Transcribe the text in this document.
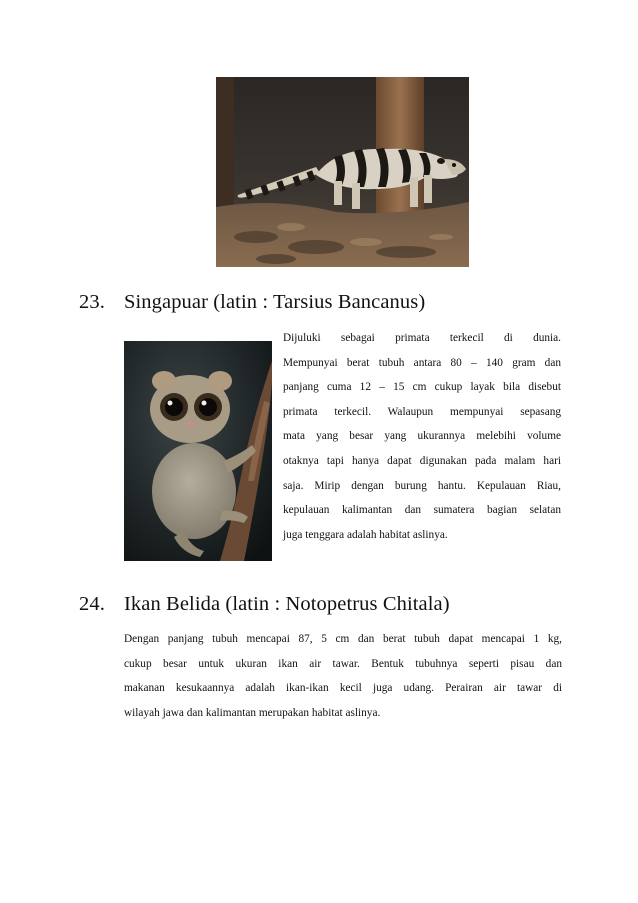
23. Singapuar (latin : Tarsius Bancanus)
Dijuluki sebagai primata terkecil di dunia.
Mempunyai berat tubuh antara 80 – 140 gram dan
panjang cuma 12 – 15 cm cukup layak bila disebut
primata terkecil. Walaupun mempunyai sepasang
mata yang besar yang ukurannya melebihi volume
otaknya tapi hanya dapat digunakan pada malam hari
saja. Mirip dengan burung hantu. Kepulauan Riau,
kepulauan kalimantan dan sumatera bagian selatan
juga tenggara adalah habitat aslinya.
24. Ikan Belida (latin : Notopetrus Chitala)
Dengan panjang tubuh mencapai 87, 5 cm dan berat tubuh dapat mencapai 1 kg,
cukup besar untuk ukuran ikan air tawar. Bentuk tubuhnya seperti pisau dan
makanan kesukaannya adalah ikan-ikan kecil juga udang. Perairan air tawar di
wilayah jawa dan kalimantan merupakan habitat aslinya.
